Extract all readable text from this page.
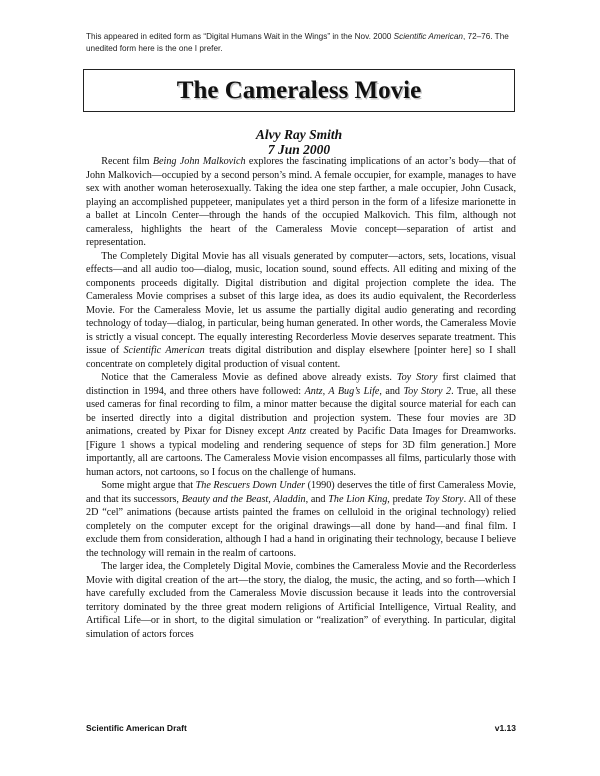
This appeared in edited form as “Digital Humans Wait in the Wings” in the Nov. 2000 Scientific American, 72–76. The unedited form here is the one I prefer.
The Cameraless Movie
Alvy Ray Smith
7 Jun 2000

Recent film Being John Malkovich explores the fascinating implications of an actor’s body—that of John Malkovich—occupied by a second person’s mind. A female occupier, for example, manages to have sex with another woman heterosexually. Taking the idea one step farther, a male occupier, John Cusack, playing an accomplished puppeteer, manipulates yet a third person in the form of a lifesize marionette in a ballet at Lincoln Center—through the hands of the occupied Malkovich. This film, although not cameraless, highlights the heart of the Cameraless Movie concept—separation of artist and representation.

The Completely Digital Movie has all visuals generated by computer—actors, sets, locations, visual effects—and all audio too—dialog, music, location sound, sound effects. All editing and mixing of the components proceeds digitally. Digital distribution and digital projection complete the idea. The Cameraless Movie comprises a subset of this large idea, as does its audio equivalent, the Recorderless Movie. For the Cameraless Movie, let us assume the partially digital audio generating and recording technology of today—dialog, in particular, being human generated. In other words, the Cameraless Movie is strictly a visual concept. The equally interesting Recorderless Movie deserves separate treatment. This issue of Scientific American treats digital distribution and display elsewhere [pointer here] so I shall concentrate on completely digital production of visual content.

Notice that the Cameraless Movie as defined above already exists. Toy Story first claimed that distinction in 1994, and three others have followed: Antz, A Bug’s Life, and Toy Story 2. True, all these used cameras for final recording to film, a minor matter because the digital source material for each can be inserted directly into a digital distribution and projection system. These four movies are 3D animations, created by Pixar for Disney except Antz created by Pacific Data Images for Dreamworks. [Figure 1 shows a typical modeling and rendering sequence of steps for 3D film generation.] More importantly, all are cartoons. The Cameraless Movie vision encompasses all films, particularly those with human actors, not cartoons, so I focus on the challenge of humans.

Some might argue that The Rescuers Down Under (1990) deserves the title of first Cameraless Movie, and that its successors, Beauty and the Beast, Aladdin, and The Lion King, predate Toy Story. All of these 2D “cel” animations (because artists painted the frames on celluloid in the original technology) relied completely on the computer except for the original drawings—all done by hand—and final film. I exclude them from consideration, although I had a hand in originating their technology, because I believe the technology will remain in the realm of cartoons.

The larger idea, the Completely Digital Movie, combines the Cameraless Movie and the Recorderless Movie with digital creation of the art—the story, the dialog, the music, the acting, and so forth—which I have carefully excluded from the Cameraless Movie discussion because it leads into the controversial territory dominated by the three great modern religions of Artificial Intelligence, Virtual Reality, and Artifical Life—or in short, to the digital simulation or “realization” of everything. In particular, digital simulation of actors forces

Scientific American Draft	v1.13
